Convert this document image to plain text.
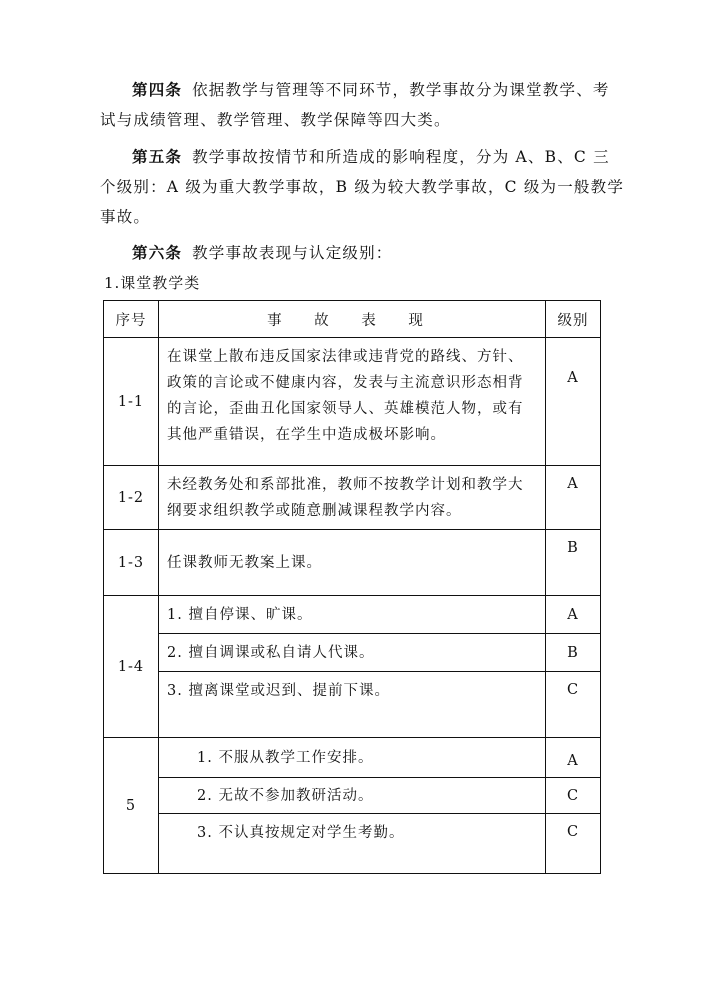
第四条 依据教学与管理等不同环节，教学事故分为课堂教学、考试与成绩管理、教学管理、教学保障等四大类。
第五条 教学事故按情节和所造成的影响程度，分为 A、B、C 三个级别：A 级为重大教学事故，B 级为较大教学事故，C 级为一般教学事故。
第六条 教学事故表现与认定级别：
1.课堂教学类
序号	事 故 表 现	级别
1-1	在课堂上散布违反国家法律或违背党的路线、方针、政策的言论或不健康内容，发表与主流意识形态相背的言论，歪曲丑化国家领导人、英雄模范人物，或有其他严重错误，在学生中造成极坏影响。	A
1-2	未经教务处和系部批准，教师不按教学计划和教学大纲要求组织教学或随意删减课程教学内容。	A
1-3	任课教师无教案上课。	B
1-4	1. 擅自停课、旷课。	A
	2. 擅自调课或私自请人代课。	B
	3. 擅离课堂或迟到、提前下课。	C
5	1. 不服从教学工作安排。	A
	2. 无故不参加教研活动。	C
	3. 不认真按规定对学生考勤。	C
